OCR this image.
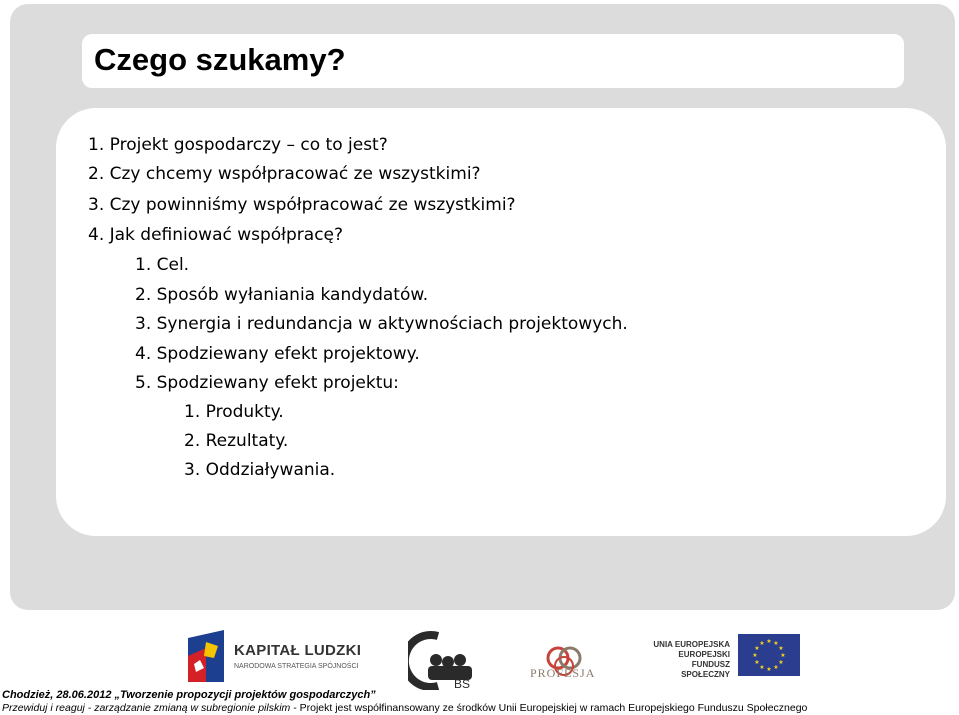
Czego szukamy?
1. Projekt gospodarczy – co to jest?
2. Czy chcemy współpracować ze wszystkimi?
3. Czy powinniśmy współpracować ze wszystkimi?
4. Jak definiować współpracę?
1. Cel.
2. Sposób wyłaniania kandydatów.
3. Synergia i redundancja w aktywnościach projektowych.
4. Spodziewany efekt projektowy.
5. Spodziewany efekt projektu:
1. Produkty.
2. Rezultaty.
3. Oddziaływania.
KAPITAŁ LUDZKI
NARODOWA STRATEGIA SPÓJNOŚCI
BS
PROFESJA
UNIA EUROPEJSKA
EUROPEJSKI
FUNDUSZ SPOŁECZNY
★ ★
★
★
★
★
★
★
★
★
★
★
Chodzież, 28.06.2012 „Tworzenie propozycji projektów gospodarczych”
Przewiduj i reaguj - zarządzanie zmianą w subregionie pilskim - Projekt jest współfinansowany ze środków Unii Europejskiej w ramach Europejskiego Funduszu Społecznego
